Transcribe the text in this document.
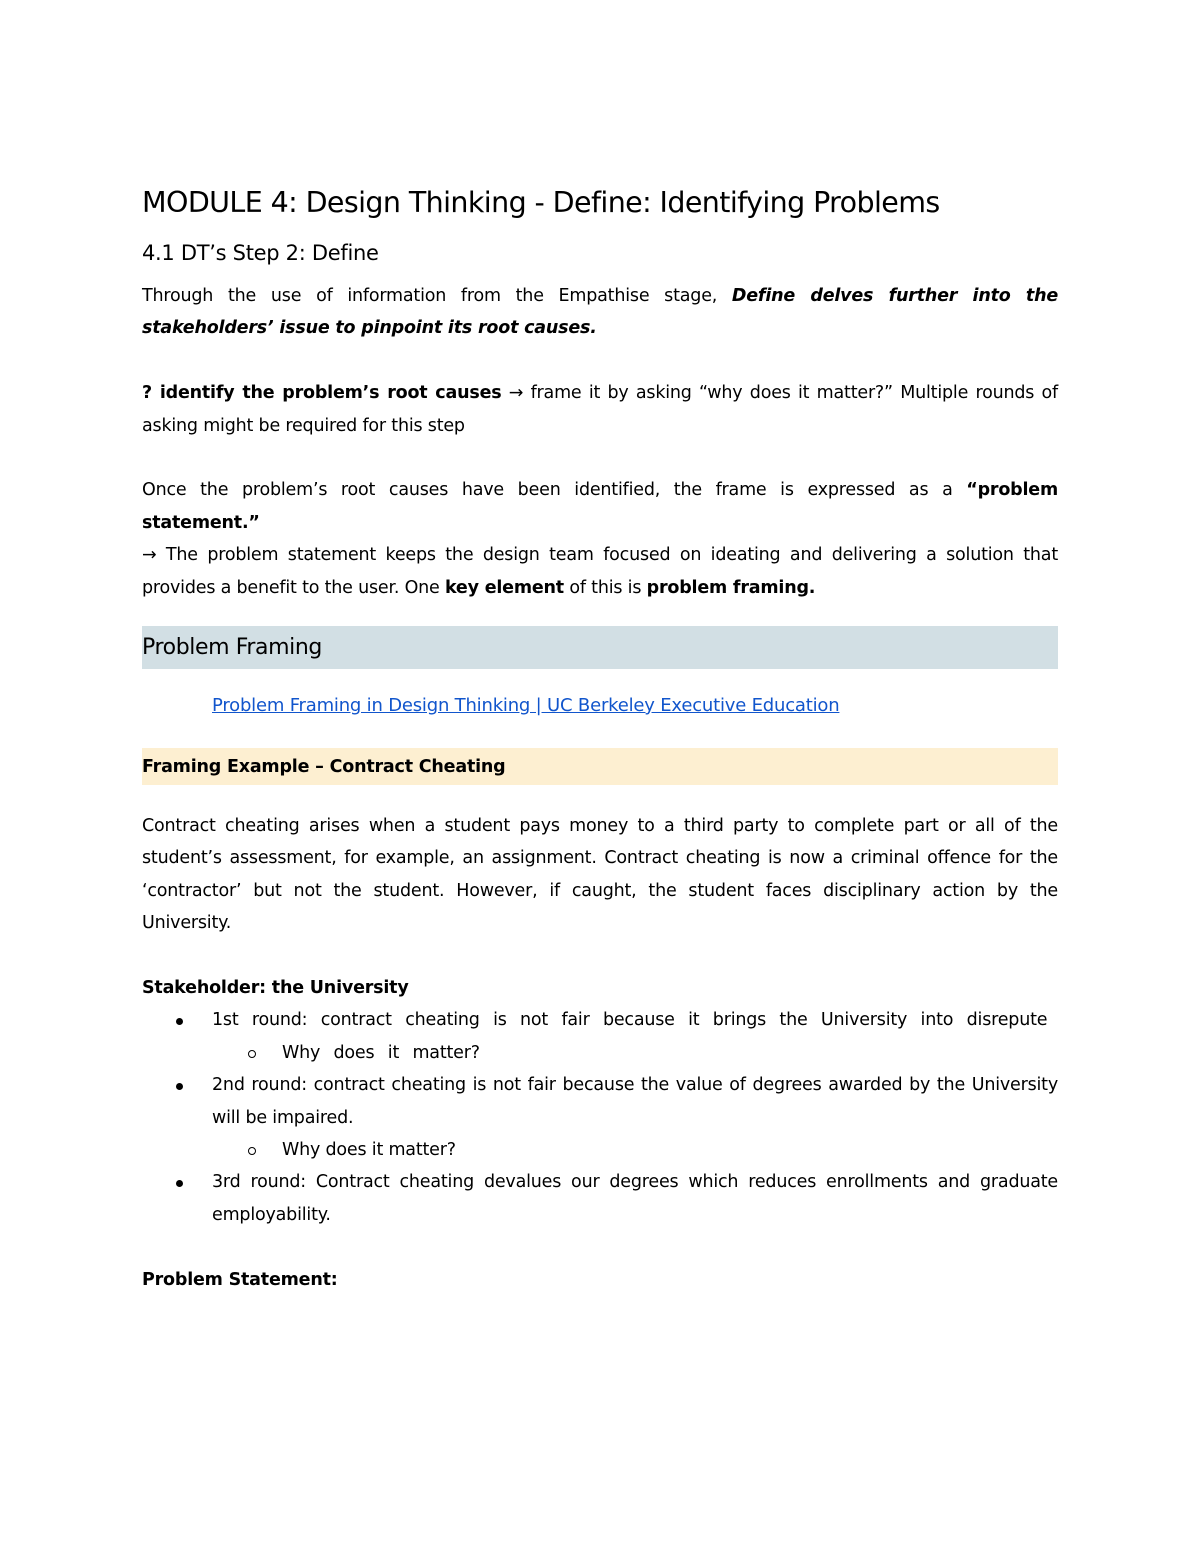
MODULE 4: Design Thinking - Define: Identifying Problems
4.1 DT’s Step 2: Define

Through the use of information from the Empathise stage, Define delves further into the stakeholders’ issue to pinpoint its root causes.

? identify the problem’s root causes → frame it by asking “why does it matter?” Multiple rounds of asking might be required for this step

Once the problem’s root causes have been identified, the frame is expressed as a “problem statement.”

→ The problem statement keeps the design team focused on ideating and delivering a solution that provides a benefit to the user. One key element of this is problem framing.

Problem Framing
Problem Framing in Design Thinking | UC Berkeley Executive Education
Framing Example – Contract Cheating

Contract cheating arises when a student pays money to a third party to complete part or all of the student’s assessment, for example, an assignment. Contract cheating is now a criminal offence for the ‘contractor’ but not the student. However, if caught, the student faces disciplinary action by the University.

Stakeholder: the University

1st round: contract cheating is not fair because it brings the University into disrepute
Why does it matter?
2nd round: contract cheating is not fair because the value of degrees awarded by the University will be impaired.
Why does it matter?
3rd round: Contract cheating devalues our degrees which reduces enrollments and graduate employability.

Problem Statement:
